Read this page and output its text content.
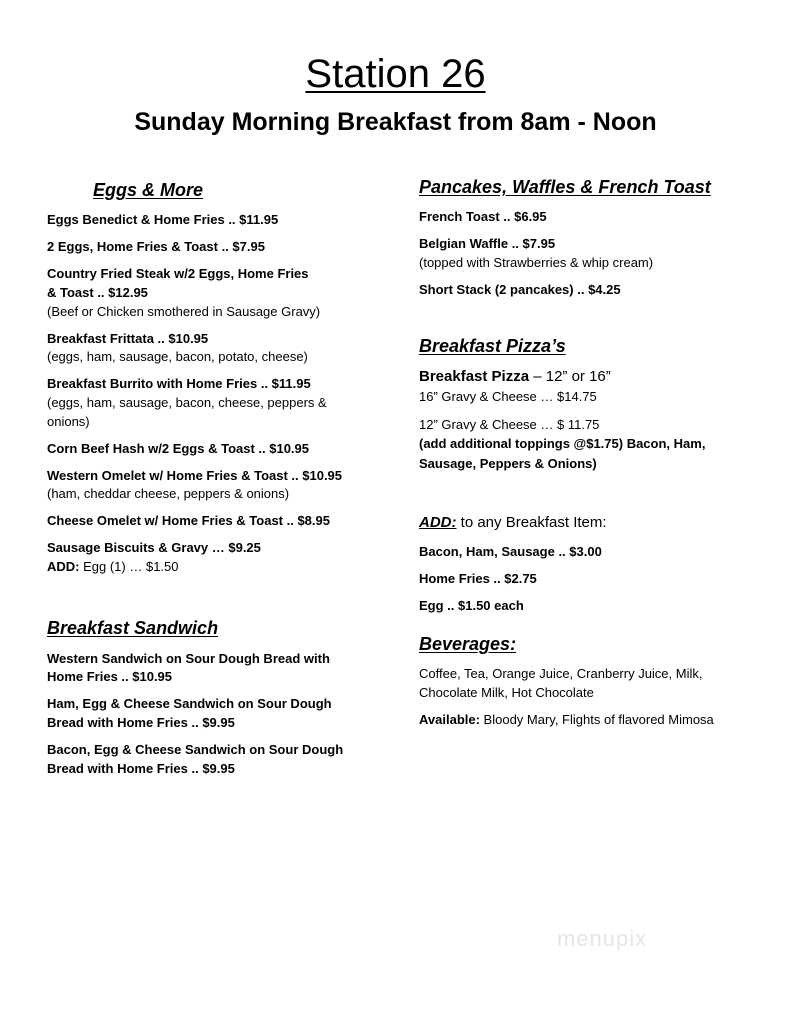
Station 26
Sunday Morning Breakfast from 8am - Noon
Eggs & More
Eggs Benedict & Home Fries .. $11.95
2 Eggs, Home Fries & Toast .. $7.95
Country Fried Steak w/2 Eggs, Home Fries
& Toast .. $12.95
(Beef or Chicken smothered in Sausage Gravy)
Breakfast Frittata .. $10.95
(eggs, ham, sausage, bacon, potato, cheese)
Breakfast Burrito with Home Fries .. $11.95
(eggs, ham, sausage, bacon, cheese, peppers &
onions)
Corn Beef Hash w/2 Eggs & Toast .. $10.95
Western Omelet w/ Home Fries & Toast .. $10.95
(ham, cheddar cheese, peppers & onions)
Cheese Omelet w/ Home Fries & Toast .. $8.95
Sausage Biscuits & Gravy … $9.25
ADD: Egg (1) … $1.50
Breakfast Sandwich
Western Sandwich on Sour Dough Bread with
Home Fries .. $10.95
Ham, Egg & Cheese Sandwich on Sour Dough
Bread with Home Fries .. $9.95
Bacon, Egg & Cheese Sandwich on Sour Dough
Bread with Home Fries .. $9.95
Pancakes, Waffles & French Toast
French Toast .. $6.95
Belgian Waffle .. $7.95
(topped with Strawberries & whip cream)
Short Stack (2 pancakes) .. $4.25
Breakfast Pizza’s
Breakfast Pizza – 12” or 16”
16” Gravy & Cheese … $14.75
12” Gravy & Cheese … $ 11.75
(add additional toppings @$1.75) Bacon, Ham,
Sausage, Peppers & Onions)
ADD: to any Breakfast Item:
Bacon, Ham, Sausage .. $3.00
Home Fries .. $2.75
Egg .. $1.50 each
Beverages:
Coffee, Tea, Orange Juice, Cranberry Juice, Milk,
Chocolate Milk, Hot Chocolate
Available: Bloody Mary, Flights of flavored Mimosa
menupix
